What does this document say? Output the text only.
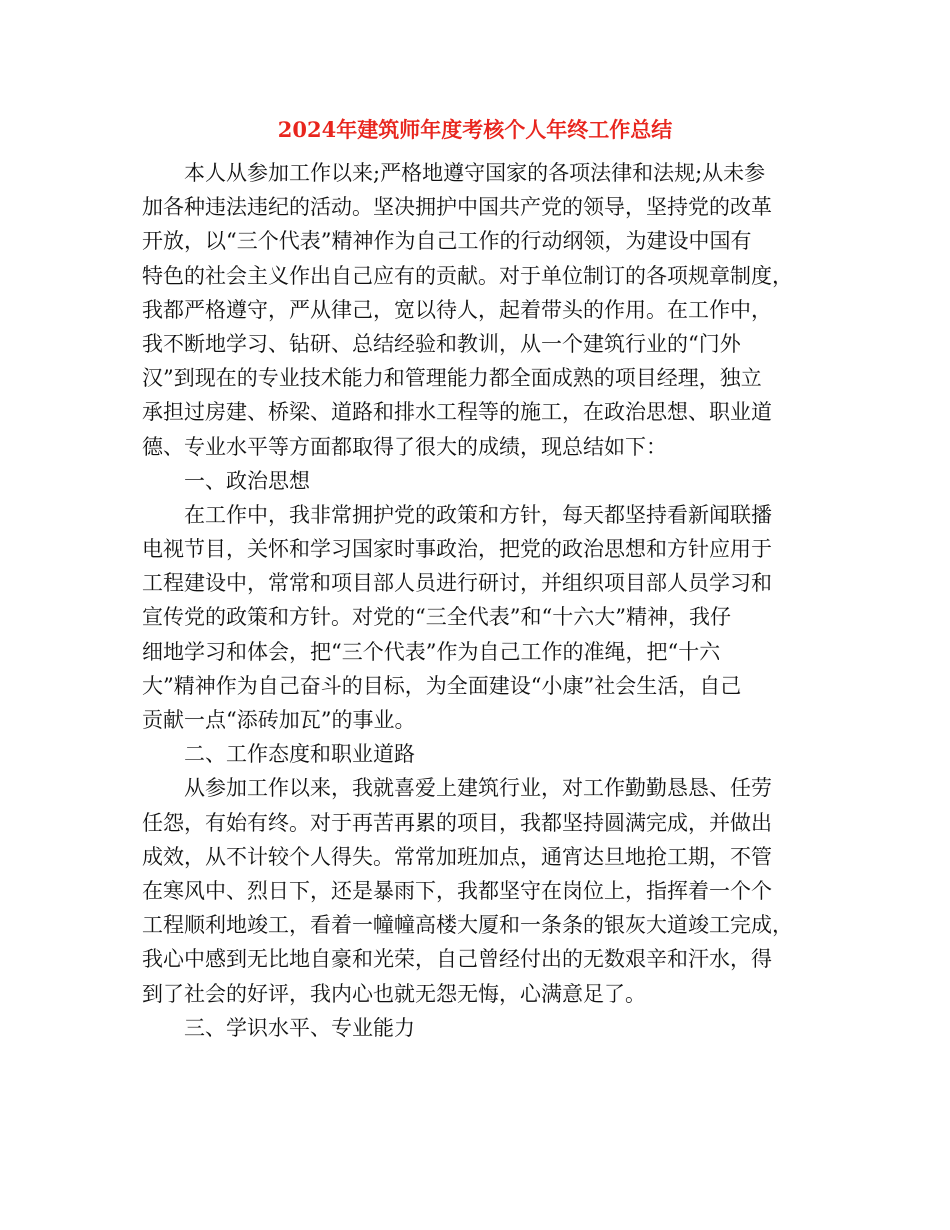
2024年建筑师年度考核个人年终工作总结
本人从参加工作以来;严格地遵守国家的各项法律和法规;从未参
加各种违法违纪的活动。坚决拥护中国共产党的领导，坚持党的改革
开放，以“三个代表”精神作为自己工作的行动纲领，为建设中国有
特色的社会主义作出自己应有的贡献。对于单位制订的各项规章制度，
我都严格遵守，严从律己，宽以待人，起着带头的作用。在工作中，
我不断地学习、钻研、总结经验和教训，从一个建筑行业的“门外
汉”到现在的专业技术能力和管理能力都全面成熟的项目经理，独立
承担过房建、桥梁、道路和排水工程等的施工，在政治思想、职业道
德、专业水平等方面都取得了很大的成绩，现总结如下：
一、政治思想
在工作中，我非常拥护党的政策和方针，每天都坚持看新闻联播
电视节目，关怀和学习国家时事政治，把党的政治思想和方针应用于
工程建设中，常常和项目部人员进行研讨，并组织项目部人员学习和
宣传党的政策和方针。对党的“三全代表”和“十六大”精神，我仔
细地学习和体会，把“三个代表”作为自己工作的准绳，把“十六
大”精神作为自己奋斗的目标，为全面建设“小康”社会生活，自己
贡献一点“添砖加瓦”的事业。
二、工作态度和职业道路
从参加工作以来，我就喜爱上建筑行业，对工作勤勤恳恳、任劳
任怨，有始有终。对于再苦再累的项目，我都坚持圆满完成，并做出
成效，从不计较个人得失。常常加班加点，通宵达旦地抢工期，不管
在寒风中、烈日下，还是暴雨下，我都坚守在岗位上，指挥着一个个
工程顺利地竣工，看着一幢幢高楼大厦和一条条的银灰大道竣工完成，
我心中感到无比地自豪和光荣，自己曾经付出的无数艰辛和汗水，得
到了社会的好评，我内心也就无怨无悔，心满意足了。
三、学识水平、专业能力
